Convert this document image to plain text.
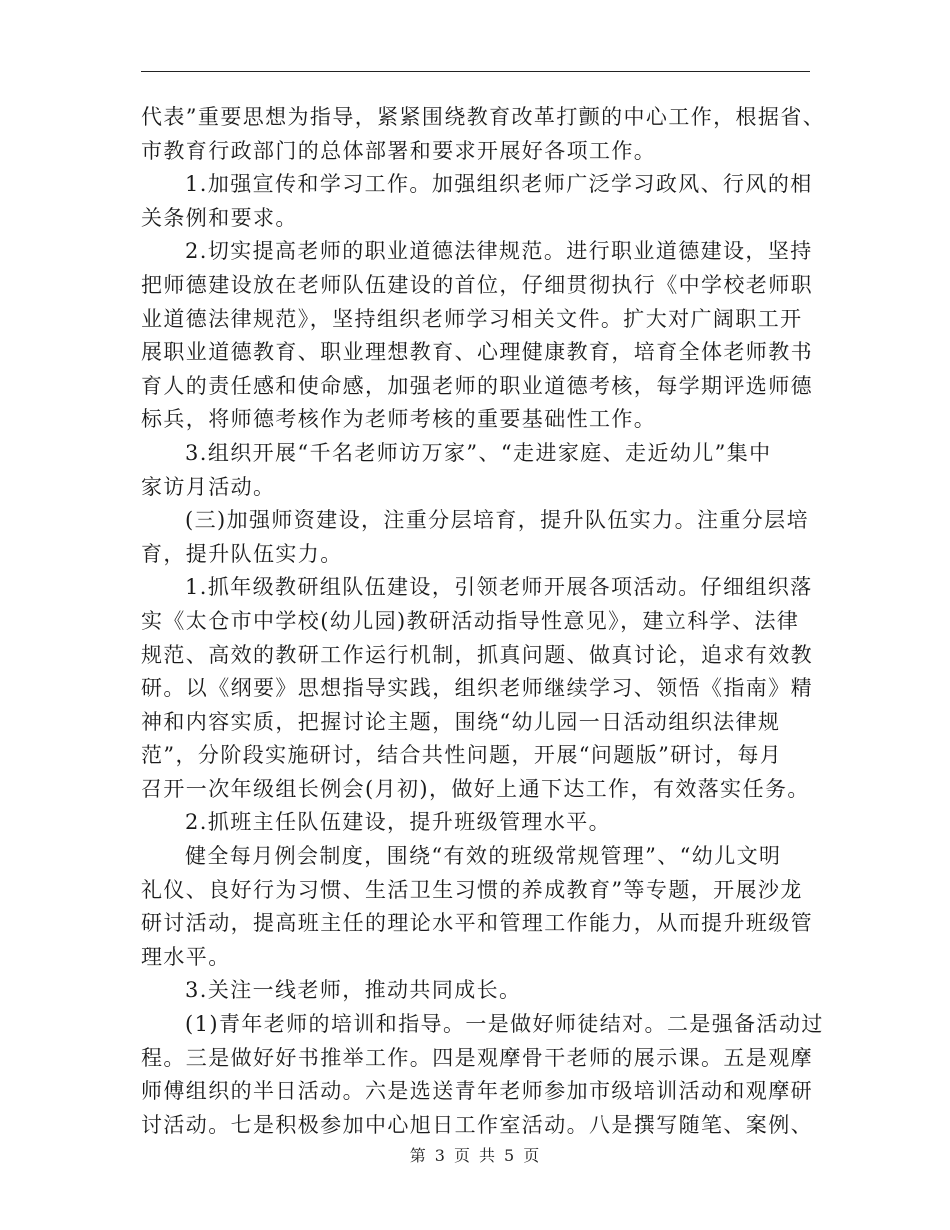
代表”重要思想为指导，紧紧围绕教育改革打颤的中心工作，根据省、
市教育行政部门的总体部署和要求开展好各项工作。
1.加强宣传和学习工作。加强组织老师广泛学习政风、行风的相
关条例和要求。
2.切实提高老师的职业道德法律规范。进行职业道德建设，坚持
把师德建设放在老师队伍建设的首位，仔细贯彻执行《中学校老师职
业道德法律规范》，坚持组织老师学习相关文件。扩大对广阔职工开
展职业道德教育、职业理想教育、心理健康教育，培育全体老师教书
育人的责任感和使命感，加强老师的职业道德考核，每学期评选师德
标兵，将师德考核作为老师考核的重要基础性工作。
3.组织开展“千名老师访万家”、“走进家庭、走近幼儿”集中
家访月活动。
(三)加强师资建设，注重分层培育，提升队伍实力。注重分层培
育，提升队伍实力。
1.抓年级教研组队伍建设，引领老师开展各项活动。仔细组织落
实《太仓市中学校(幼儿园)教研活动指导性意见》，建立科学、法律
规范、高效的教研工作运行机制，抓真问题、做真讨论，追求有效教
研。以《纲要》思想指导实践，组织老师继续学习、领悟《指南》精
神和内容实质，把握讨论主题，围绕“幼儿园一日活动组织法律规
范”，分阶段实施研讨，结合共性问题，开展“问题版”研讨，每月
召开一次年级组长例会(月初)，做好上通下达工作，有效落实任务。
2.抓班主任队伍建设，提升班级管理水平。
健全每月例会制度，围绕“有效的班级常规管理”、“幼儿文明
礼仪、良好行为习惯、生活卫生习惯的养成教育”等专题，开展沙龙
研讨活动，提高班主任的理论水平和管理工作能力，从而提升班级管
理水平。
3.关注一线老师，推动共同成长。
(1)青年老师的培训和指导。一是做好师徒结对。二是强备活动过
程。三是做好好书推举工作。四是观摩骨干老师的展示课。五是观摩
师傅组织的半日活动。六是选送青年老师参加市级培训活动和观摩研
讨活动。七是积极参加中心旭日工作室活动。八是撰写随笔、案例、
第 3 页 共 5 页
